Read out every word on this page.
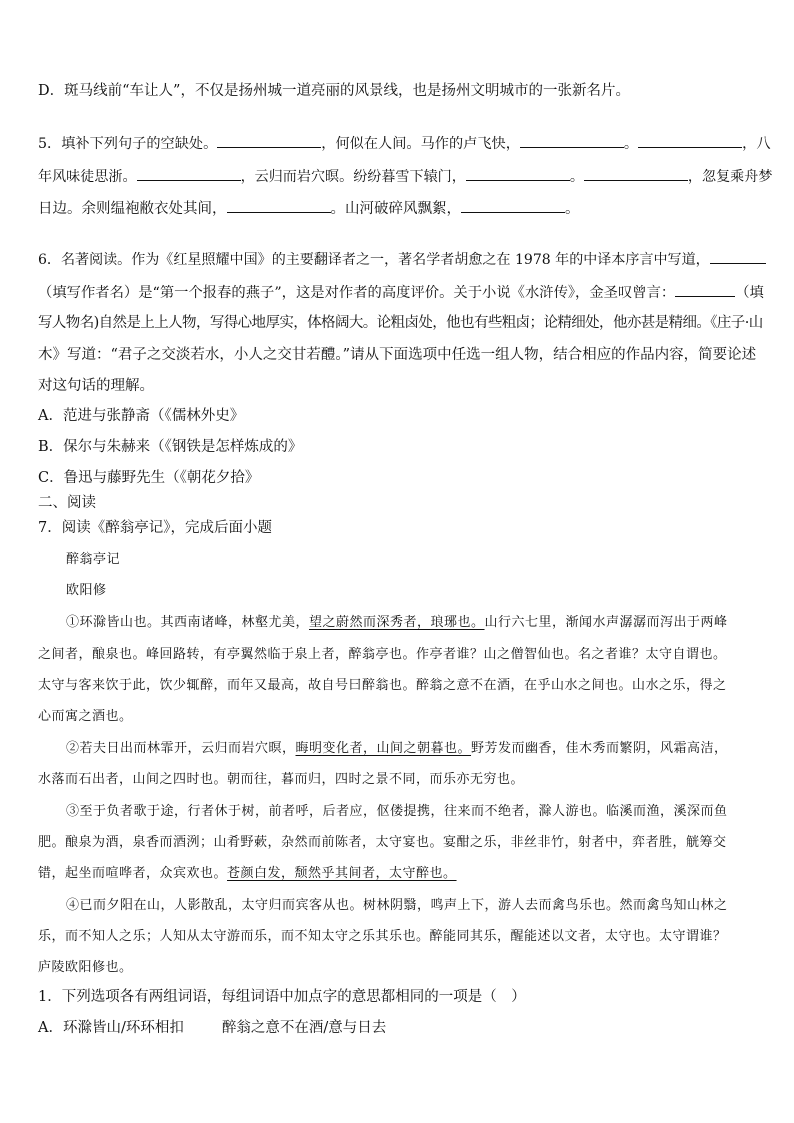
D．斑马线前“车让人”，不仅是扬州城一道亮丽的风景线，也是扬州文明城市的一张新名片。
5．填补下列句子的空缺处。	，何似在人间。马作的卢飞快，	。	，八
年风味徒思浙。	，云归而岩穴暝。纷纷暮雪下辕门，	。	，忽复乘舟梦
日边。余则缊袍敝衣处其间，	。山河破碎风飘絮，	。
6．名著阅读。作为《红星照耀中国》的主要翻译者之一，著名学者胡愈之在 1978 年的中译本序言中写道，
（填写作者名）是“第一个报春的燕子”，这是对作者的高度评价。关于小说《水浒传》，金圣叹曾言：	（填
写人物名)自然是上上人物，写得心地厚实，体格阔大。论粗卤处，他也有些粗卤；论精细处，他亦甚是精细。《庄子·山
木》写道：“君子之交淡若水，小人之交甘若醴。”请从下面选项中任选一组人物，结合相应的作品内容，简要论述
对这句话的理解。
A．范进与张静斋（《儒林外史》
B．保尔与朱赫来（《钢铁是怎样炼成的》
C．鲁迅与藤野先生（《朝花夕拾》
二、阅读
7．阅读《醉翁亭记》，完成后面小题
醉翁亭记
欧阳修
①环滁皆山也。其西南诸峰，林壑尤美，望之蔚然而深秀者，琅琊也。山行六七里，渐闻水声潺潺而泻出于两峰
之间者，酿泉也。峰回路转，有亭翼然临于泉上者，醉翁亭也。作亭者谁？山之僧智仙也。名之者谁？太守自谓也。
太守与客来饮于此，饮少辄醉，而年又最高，故自号曰醉翁也。醉翁之意不在酒，在乎山水之间也。山水之乐，得之
心而寓之酒也。
②若夫日出而林霏开，云归而岩穴暝，晦明变化者，山间之朝暮也。野芳发而幽香，佳木秀而繁阴，风霜高洁，
水落而石出者，山间之四时也。朝而往，暮而归，四时之景不同，而乐亦无穷也。
③至于负者歌于途，行者休于树，前者呼，后者应，伛偻提携，往来而不绝者，滁人游也。临溪而渔，溪深而鱼
肥。酿泉为酒，泉香而酒洌；山肴野蔌，杂然而前陈者，太守宴也。宴酣之乐，非丝非竹，射者中，弈者胜，觥筹交
错，起坐而喧哗者，众宾欢也。苍颜白发，颓然乎其间者，太守醉也。
④已而夕阳在山，人影散乱，太守归而宾客从也。树林阴翳，鸣声上下，游人去而禽鸟乐也。然而禽鸟知山林之
乐，而不知人之乐；人知从太守游而乐，而不知太守之乐其乐也。醉能同其乐，醒能述以文者，太守也。太守谓谁？
庐陵欧阳修也。
1．下列选项各有两组词语，每组词语中加点字的意思都相同的一项是（　）
A．环滁皆山/环环相扣	醉翁之意不在酒/意与日去
